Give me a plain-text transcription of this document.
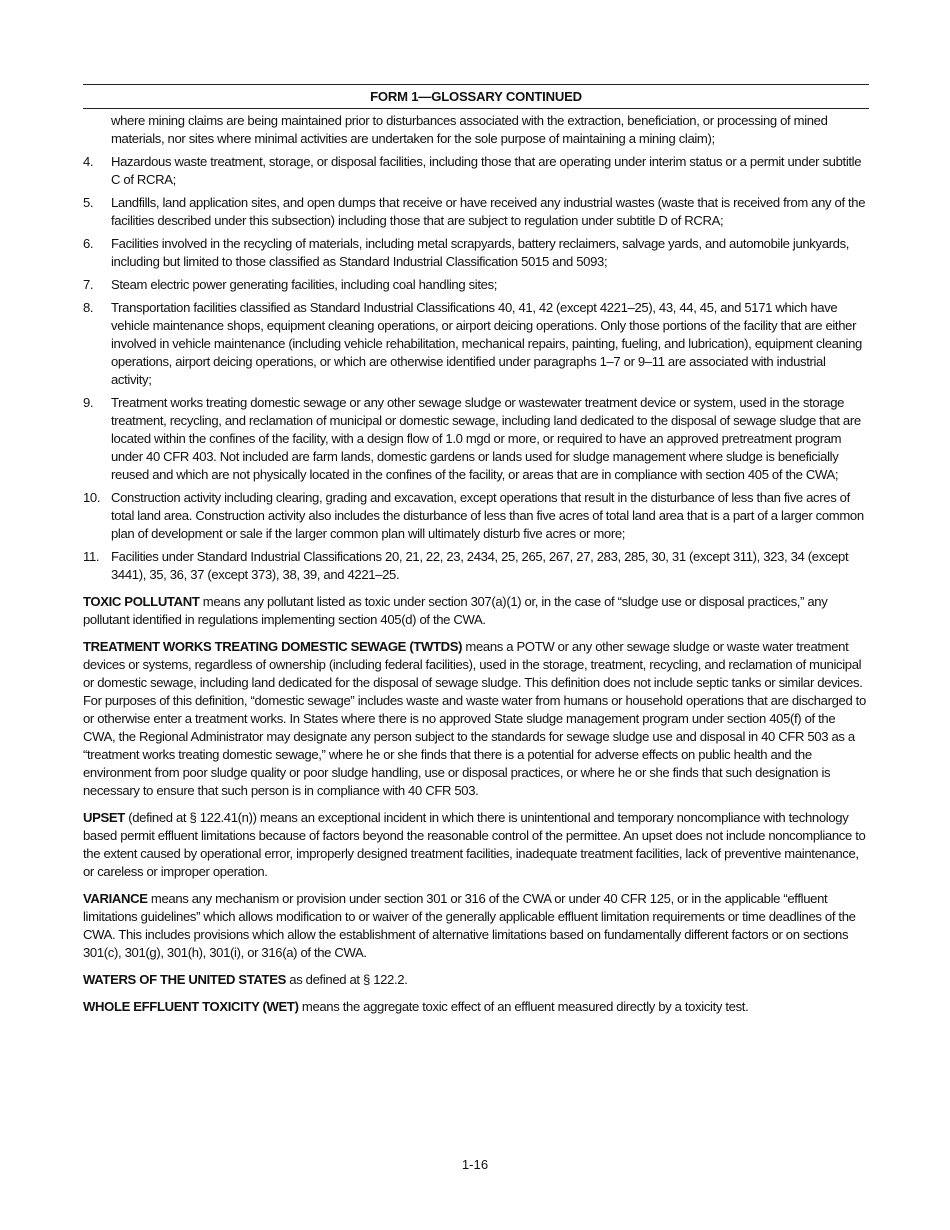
FORM 1—GLOSSARY CONTINUED

where mining claims are being maintained prior to disturbances associated with the extraction, beneficiation, or processing of mined materials, nor sites where minimal activities are undertaken for the sole purpose of maintaining a mining claim);

4. Hazardous waste treatment, storage, or disposal facilities, including those that are operating under interim status or a permit under subtitle C of RCRA;
5. Landfills, land application sites, and open dumps that receive or have received any industrial wastes (waste that is received from any of the facilities described under this subsection) including those that are subject to regulation under subtitle D of RCRA;
6. Facilities involved in the recycling of materials, including metal scrapyards, battery reclaimers, salvage yards, and automobile junkyards, including but limited to those classified as Standard Industrial Classification 5015 and 5093;
7. Steam electric power generating facilities, including coal handling sites;
8. Transportation facilities classified as Standard Industrial Classifications 40, 41, 42 (except 4221–25), 43, 44, 45, and 5171 which have vehicle maintenance shops, equipment cleaning operations, or airport deicing operations. Only those portions of the facility that are either involved in vehicle maintenance (including vehicle rehabilitation, mechanical repairs, painting, fueling, and lubrication), equipment cleaning operations, airport deicing operations, or which are otherwise identified under paragraphs 1–7 or 9–11 are associated with industrial activity;
9. Treatment works treating domestic sewage or any other sewage sludge or wastewater treatment device or system, used in the storage treatment, recycling, and reclamation of municipal or domestic sewage, including land dedicated to the disposal of sewage sludge that are located within the confines of the facility, with a design flow of 1.0 mgd or more, or required to have an approved pretreatment program under 40 CFR 403. Not included are farm lands, domestic gardens or lands used for sludge management where sludge is beneficially reused and which are not physically located in the confines of the facility, or areas that are in compliance with section 405 of the CWA;
10. Construction activity including clearing, grading and excavation, except operations that result in the disturbance of less than five acres of total land area. Construction activity also includes the disturbance of less than five acres of total land area that is a part of a larger common plan of development or sale if the larger common plan will ultimately disturb five acres or more;
11. Facilities under Standard Industrial Classifications 20, 21, 22, 23, 2434, 25, 265, 267, 27, 283, 285, 30, 31 (except 311), 323, 34 (except 3441), 35, 36, 37 (except 373), 38, 39, and 4221–25.

TOXIC POLLUTANT means any pollutant listed as toxic under section 307(a)(1) or, in the case of “sludge use or disposal practices,” any pollutant identified in regulations implementing section 405(d) of the CWA.

TREATMENT WORKS TREATING DOMESTIC SEWAGE (TWTDS) means a POTW or any other sewage sludge or waste water treatment devices or systems, regardless of ownership (including federal facilities), used in the storage, treatment, recycling, and reclamation of municipal or domestic sewage, including land dedicated for the disposal of sewage sludge. This definition does not include septic tanks or similar devices. For purposes of this definition, “domestic sewage” includes waste and waste water from humans or household operations that are discharged to or otherwise enter a treatment works. In States where there is no approved State sludge management program under section 405(f) of the CWA, the Regional Administrator may designate any person subject to the standards for sewage sludge use and disposal in 40 CFR 503 as a “treatment works treating domestic sewage,” where he or she finds that there is a potential for adverse effects on public health and the environment from poor sludge quality or poor sludge handling, use or disposal practices, or where he or she finds that such designation is necessary to ensure that such person is in compliance with 40 CFR 503.

UPSET (defined at § 122.41(n)) means an exceptional incident in which there is unintentional and temporary noncompliance with technology based permit effluent limitations because of factors beyond the reasonable control of the permittee. An upset does not include noncompliance to the extent caused by operational error, improperly designed treatment facilities, inadequate treatment facilities, lack of preventive maintenance, or careless or improper operation.

VARIANCE means any mechanism or provision under section 301 or 316 of the CWA or under 40 CFR 125, or in the applicable “effluent limitations guidelines” which allows modification to or waiver of the generally applicable effluent limitation requirements or time deadlines of the CWA. This includes provisions which allow the establishment of alternative limitations based on fundamentally different factors or on sections 301(c), 301(g), 301(h), 301(i), or 316(a) of the CWA.

WATERS OF THE UNITED STATES as defined at § 122.2.

WHOLE EFFLUENT TOXICITY (WET) means the aggregate toxic effect of an effluent measured directly by a toxicity test.

1-16
